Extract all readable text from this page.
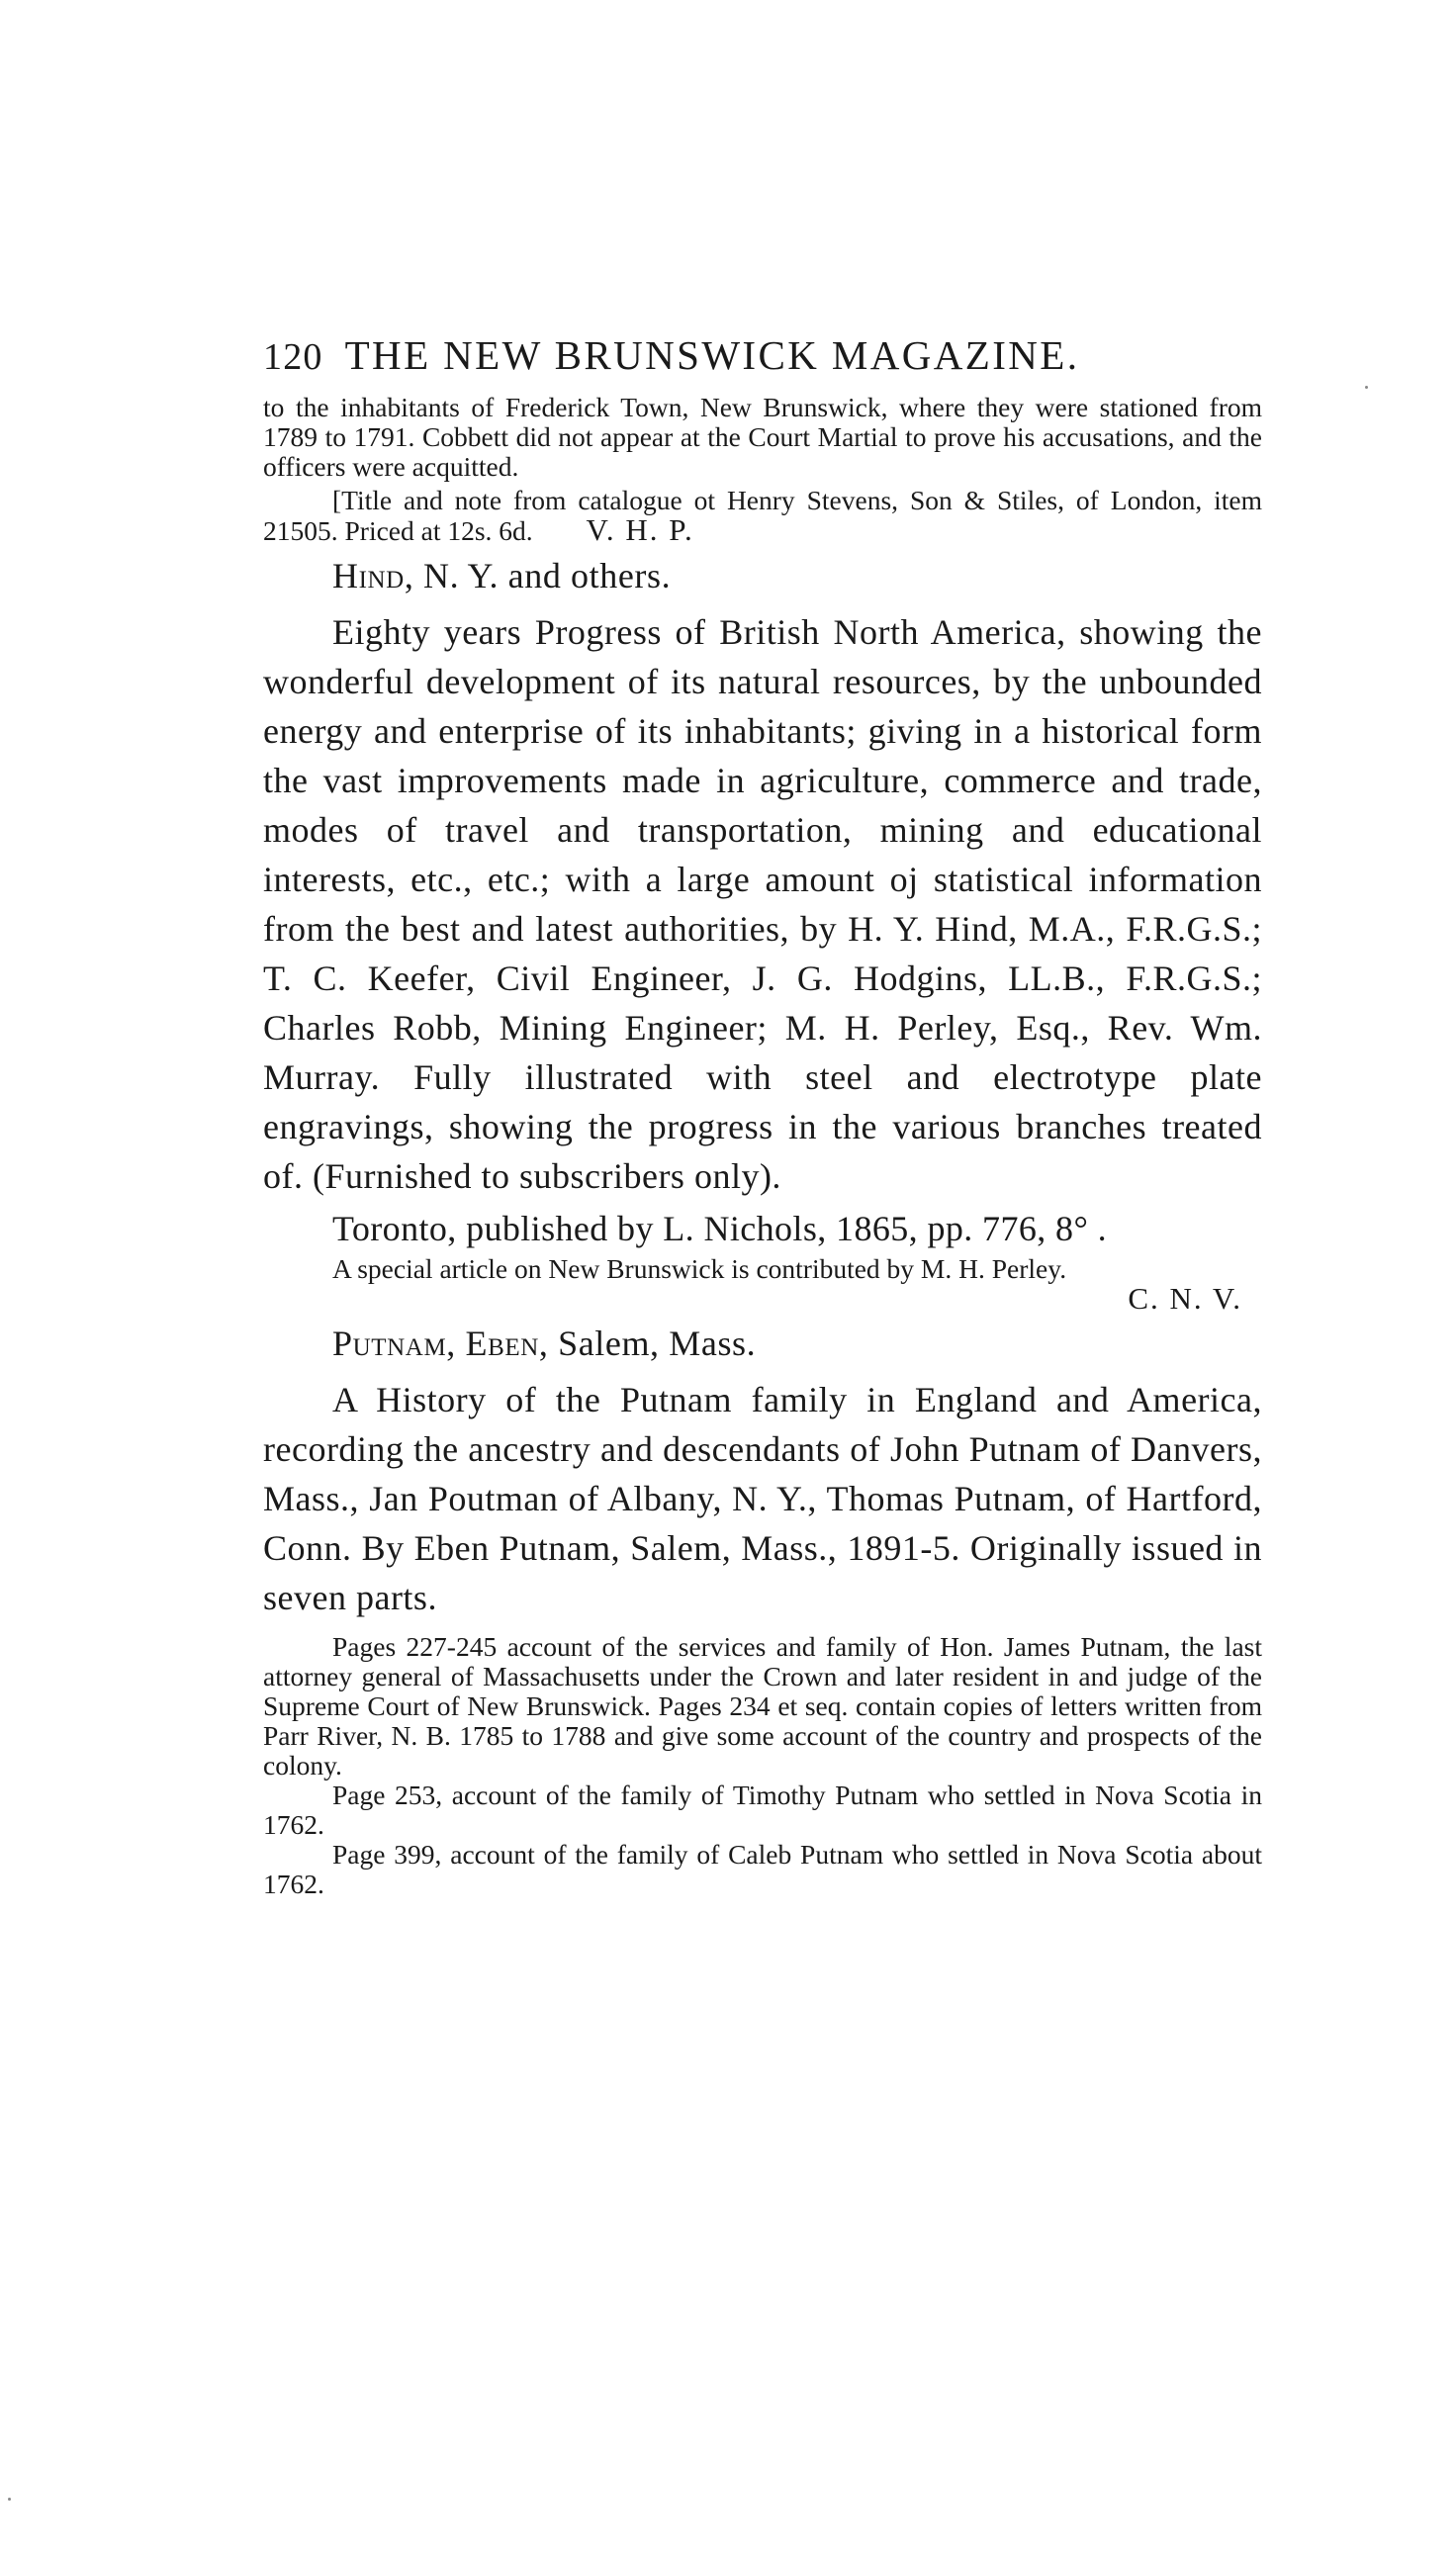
120 THE NEW BRUNSWICK MAGAZINE.

to the inhabitants of Frederick Town, New Brunswick, where they were stationed from 1789 to 1791. Cobbett did not appear at the Court Martial to prove his accusations, and the officers were acquitted.

[Title and note from catalogue ot Henry Stevens, Son & Stiles, of London, item 21505. Priced at 12s. 6d. V. H. P.

Hind, N. Y. and others.

Eighty years Progress of British North America, showing the wonderful development of its natural resources, by the unbounded energy and enterprise of its inhabitants; giving in a historical form the vast improvements made in agriculture, commerce and trade, modes of travel and transportation, mining and educational interests, etc., etc.; with a large amount oj statistical information from the best and latest authorities, by H. Y. Hind, M.A., F.R.G.S.; T. C. Keefer, Civil Engineer, J. G. Hodgins, LL.B., F.R.G.S.; Charles Robb, Mining Engineer; M. H. Perley, Esq., Rev. Wm. Murray. Fully illustrated with steel and electrotype plate engravings, showing the progress in the various branches treated of. (Furnished to subscribers only).

Toronto, published by L. Nichols, 1865, pp. 776, 8° .

A special article on New Brunswick is contributed by M. H. Perley.

C. N. V.
Putnam, Eben, Salem, Mass.

A History of the Putnam family in England and America, recording the ancestry and descendants of John Putnam of Danvers, Mass., Jan Poutman of Albany, N. Y., Thomas Putnam, of Hartford, Conn. By Eben Putnam, Salem, Mass., 1891-5. Originally issued in seven parts.

Pages 227-245 account of the services and family of Hon. James Putnam, the last attorney general of Massachusetts under the Crown and later resident in and judge of the Supreme Court of New Brunswick. Pages 234 et seq. contain copies of letters written from Parr River, N. B. 1785 to 1788 and give some account of the country and prospects of the colony.

Page 253, account of the family of Timothy Putnam who settled in Nova Scotia in 1762.

Page 399, account of the family of Caleb Putnam who settled in Nova Scotia about 1762.
